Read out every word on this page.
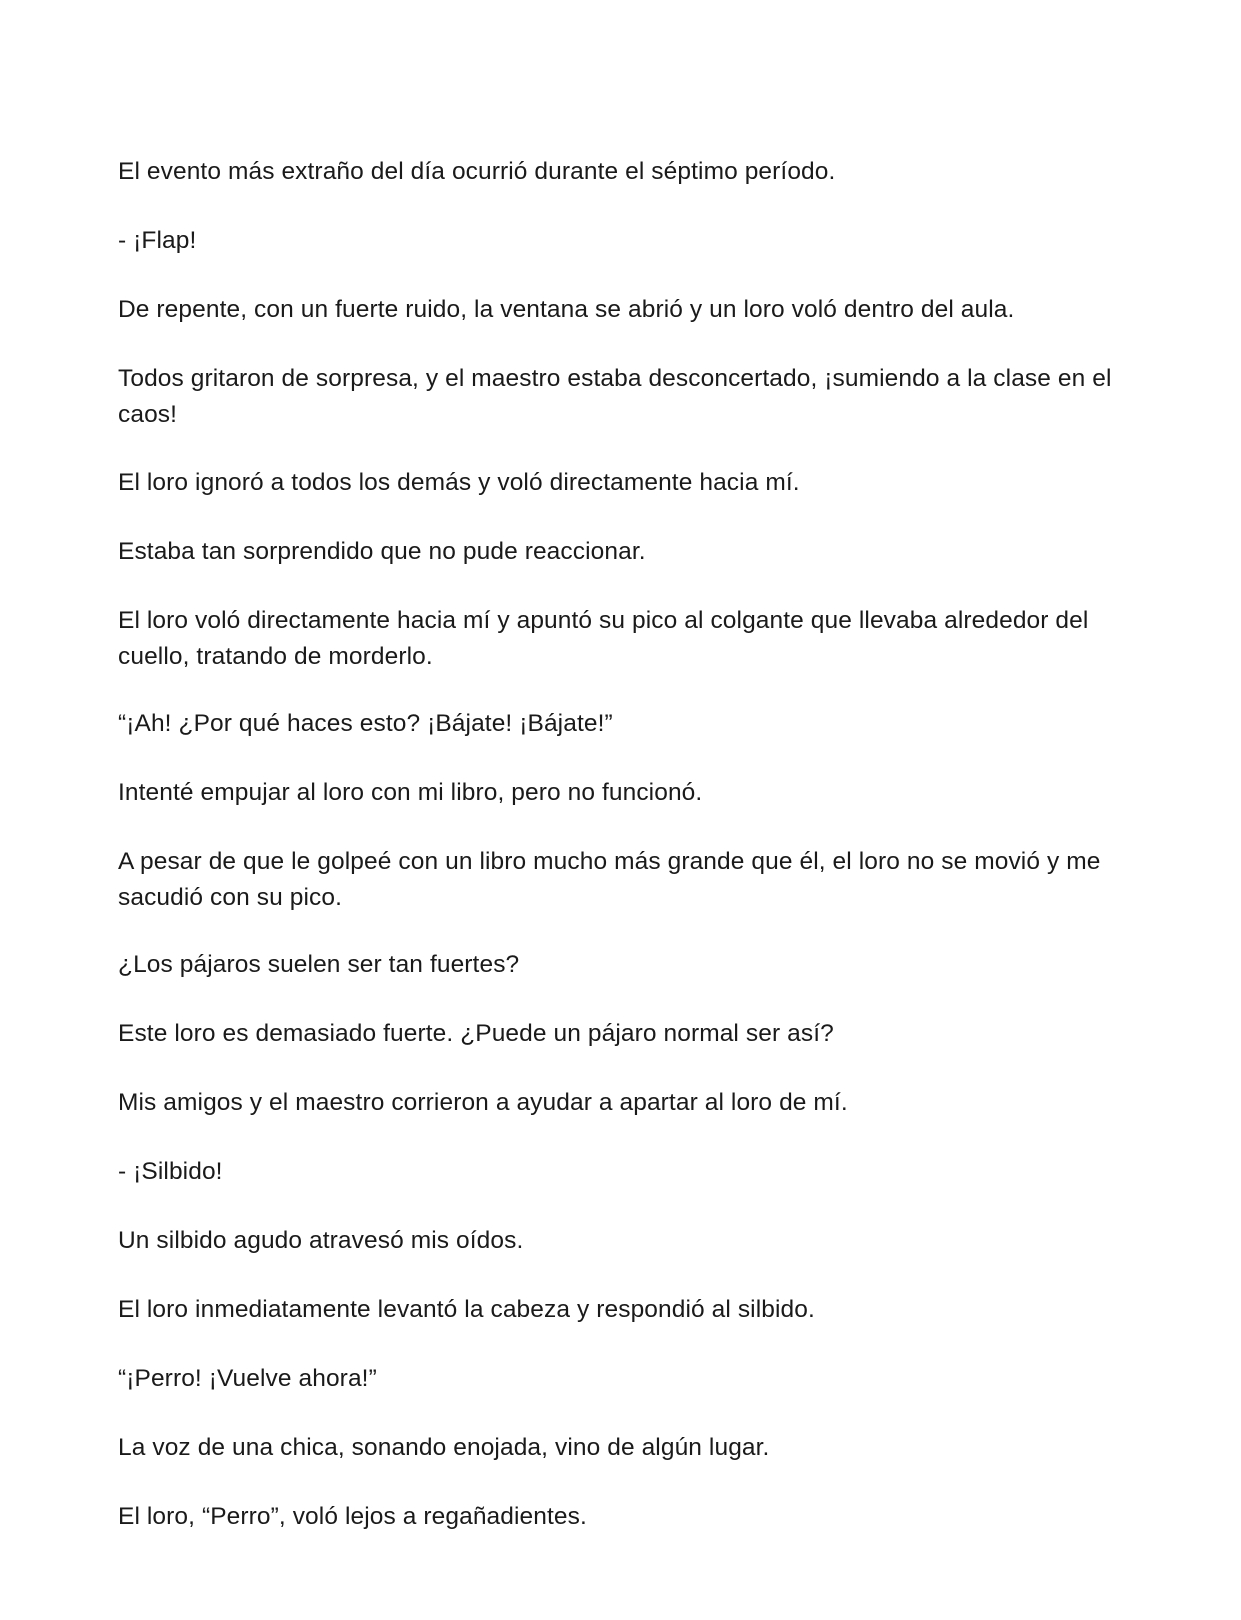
El evento más extraño del día ocurrió durante el séptimo período.

- ¡Flap!

De repente, con un fuerte ruido, la ventana se abrió y un loro voló dentro del aula.

Todos gritaron de sorpresa, y el maestro estaba desconcertado, ¡sumiendo a la clase en el caos!

El loro ignoró a todos los demás y voló directamente hacia mí.

Estaba tan sorprendido que no pude reaccionar.

El loro voló directamente hacia mí y apuntó su pico al colgante que llevaba alrededor del cuello, tratando de morderlo.

“¡Ah! ¿Por qué haces esto? ¡Bájate! ¡Bájate!”

Intenté empujar al loro con mi libro, pero no funcionó.

A pesar de que le golpeé con un libro mucho más grande que él, el loro no se movió y me sacudió con su pico.

¿Los pájaros suelen ser tan fuertes?

Este loro es demasiado fuerte. ¿Puede un pájaro normal ser así?

Mis amigos y el maestro corrieron a ayudar a apartar al loro de mí.

- ¡Silbido!

Un silbido agudo atravesó mis oídos.

El loro inmediatamente levantó la cabeza y respondió al silbido.

“¡Perro! ¡Vuelve ahora!”

La voz de una chica, sonando enojada, vino de algún lugar.

El loro, “Perro”, voló lejos a regañadientes.
